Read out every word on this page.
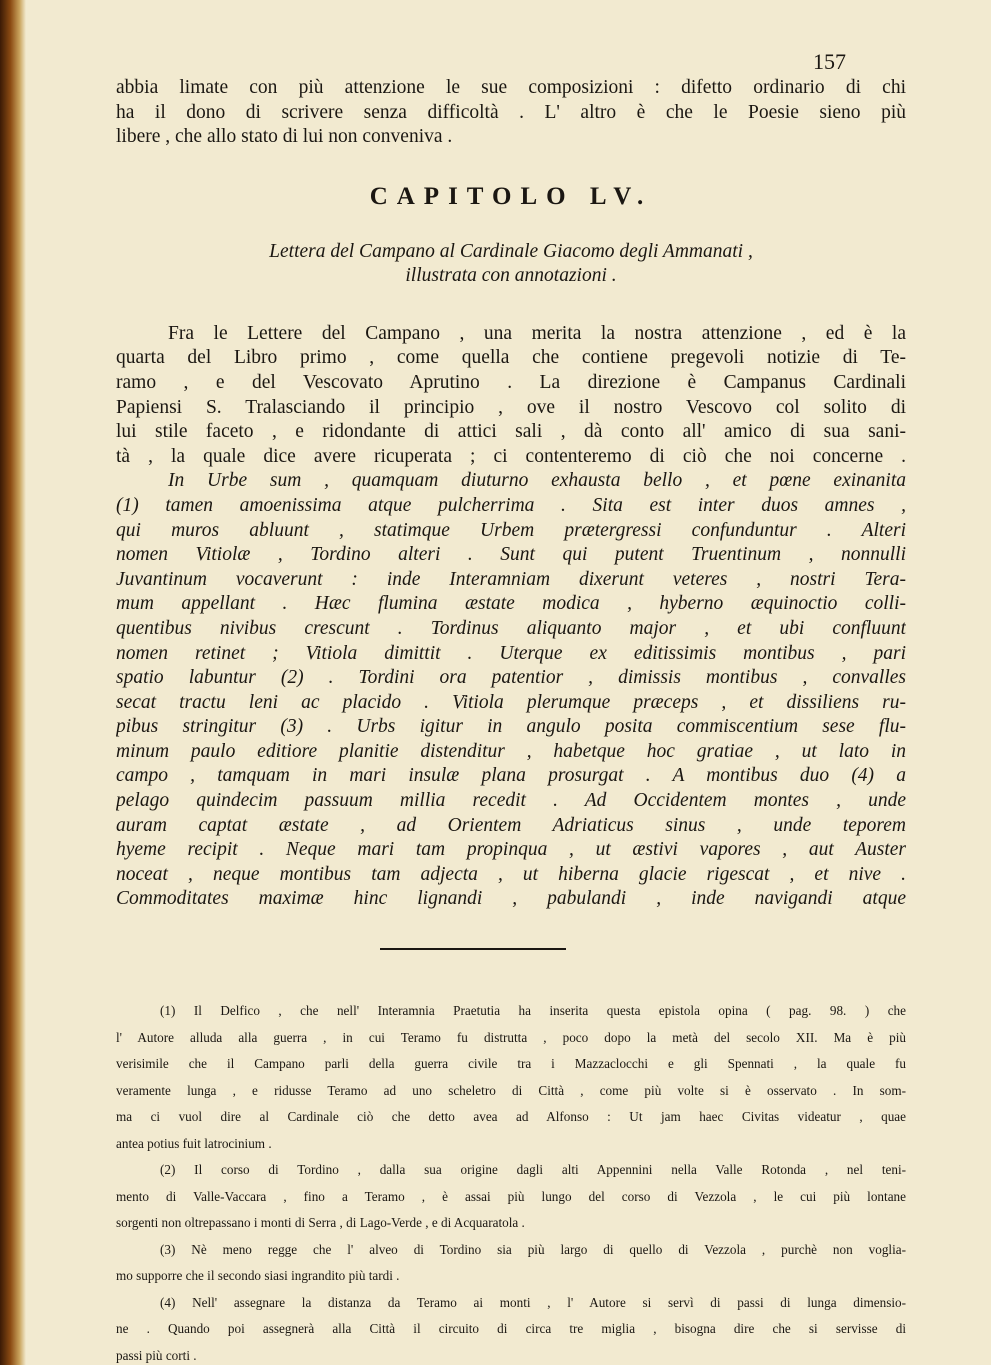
157

abbia limate con più attenzione le sue composizioni : difetto ordinario di chi
ha il dono di scrivere senza difficoltà . L' altro è che le Poesie sieno più
libere , che allo stato di lui non conveniva .
CAPITOLO LV.

Lettera del Campano al Cardinale Giacomo degli Ammanati ,

illustrata con annotazioni .

Fra le Lettere del Campano , una merita la nostra attenzione , ed è la
quarta del Libro primo , come quella che contiene pregevoli notizie di Te-
ramo , e del Vescovato Aprutino . La direzione è Campanus Cardinali
Papiensi S. Tralasciando il principio , ove il nostro Vescovo col solito di
lui stile faceto , e ridondante di attici sali , dà conto all' amico di sua sani-
tà , la quale dice avere ricuperata ; ci contenteremo di ciò che noi concerne .
In Urbe sum , quamquam diuturno exhausta bello , et pœne exinanita
(1) tamen amoenissima atque pulcherrima . Sita est inter duos amnes ,
qui muros abluunt , statimque Urbem prætergressi confunduntur . Alteri
nomen Vitiolæ , Tordino alteri . Sunt qui putent Truentinum , nonnulli
Juvantinum vocaverunt : inde Interamniam dixerunt veteres , nostri Tera-
mum appellant . Hæc flumina æstate modica , hyberno æquinoctio colli-
quentibus nivibus crescunt . Tordinus aliquanto major , et ubi confluunt
nomen retinet ; Vitiola dimittit . Uterque ex editissimis montibus , pari
spatio labuntur (2) . Tordini ora patentior , dimissis montibus , convalles
secat tractu leni ac placido . Vitiola plerumque præceps , et dissiliens ru-
pibus stringitur (3) . Urbs igitur in angulo posita commiscentium sese flu-
minum paulo editiore planitie distenditur , habetque hoc gratiae , ut lato in
campo , tamquam in mari insulæ plana prosurgat . A montibus duo (4) a
pelago quindecim passuum millia recedit . Ad Occidentem montes , unde
auram captat æstate , ad Orientem Adriaticus sinus , unde teporem
hyeme recipit . Neque mari tam propinqua , ut æstivi vapores , aut Auster
noceat , neque montibus tam adjecta , ut hiberna glacie rigescat , et nive .
Commoditates maximæ hinc lignandi , pabulandi , inde navigandi atque
(1) Il Delfico , che nell' Interamnia Praetutia ha inserita questa epistola opina ( pag. 98. ) che
l' Autore alluda alla guerra , in cui Teramo fu distrutta , poco dopo la metà del secolo XII. Ma è più
verisimile che il Campano parli della guerra civile tra i Mazzaclocchi e gli Spennati , la quale fu
veramente lunga , e ridusse Teramo ad uno scheletro di Città , come più volte si è osservato . In som-
ma ci vuol dire al Cardinale ciò che detto avea ad Alfonso : Ut jam haec Civitas videatur , quae
antea potius fuit latrocinium .
(2) Il corso di Tordino , dalla sua origine dagli alti Appennini nella Valle Rotonda , nel teni-
mento di Valle-Vaccara , fino a Teramo , è assai più lungo del corso di Vezzola , le cui più lontane
sorgenti non oltrepassano i monti di Serra , di Lago-Verde , e di Acquaratola .
(3) Nè meno regge che l' alveo di Tordino sia più largo di quello di Vezzola , purchè non voglia-
mo supporre che il secondo siasi ingrandito più tardi .
(4) Nell' assegnare la distanza da Teramo ai monti , l' Autore si servì di passi di lunga dimensio-
ne . Quando poi assegnerà alla Città il circuito di circa tre miglia , bisogna dire che si servisse di
passi più corti .
